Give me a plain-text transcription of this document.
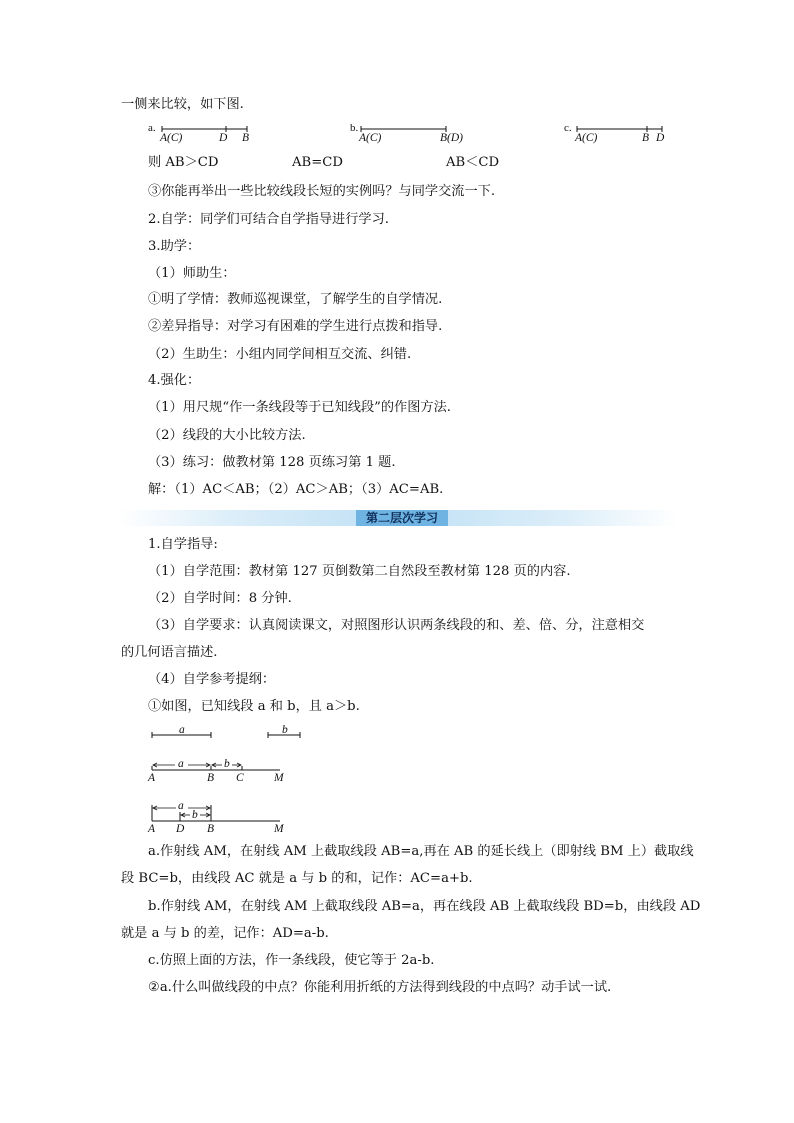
一侧来比较，如下图.
a.
A(C)	D B
b.
A(C)	B(D)
c.
A(C)	B D
则 AB＞CD	AB=CD	AB＜CD
③你能再举出一些比较线段长短的实例吗？与同学交流一下.
2.自学：同学们可结合自学指导进行学习.
3.助学：
（1）师助生：
①明了学情：教师巡视课堂，了解学生的自学情况.
②差异指导：对学习有困难的学生进行点拨和指导.
（2）生助生：小组内同学间相互交流、纠错.
4.强化：
（1）用尺规“作一条线段等于已知线段”的作图方法.
（2）线段的大小比较方法.
（3）练习：做教材第 128 页练习第 1 题.
解：（1）AC＜AB；（2）AC＞AB；（3）AC=AB.
第二层次学习
1.自学指导:
（1）自学范围：教材第 127 页倒数第二自然段至教材第 128 页的内容.
（2）自学时间：8 分钟.
（3）自学要求：认真阅读课文，对照图形认识两条线段的和、差、倍、分，注意相交
的几何语言描述.
（4）自学参考提纲：
①如图，已知线段 a 和 b，且 a＞b.
a	b
a	b
A	B C	M
a
b
A D B	M
a.作射线 AM，在射线 AM 上截取线段 AB=a,再在 AB 的延长线上（即射线 BM 上）截取线
段 BC=b，由线段 AC 就是 a 与 b 的和，记作：AC=a+b.
b.作射线 AM，在射线 AM 上截取线段 AB=a，再在线段 AB 上截取线段 BD=b，由线段 AD
就是 a 与 b 的差，记作：AD=a-b.
c.仿照上面的方法，作一条线段，使它等于 2a-b.
②a.什么叫做线段的中点？你能利用折纸的方法得到线段的中点吗？动手试一试.
